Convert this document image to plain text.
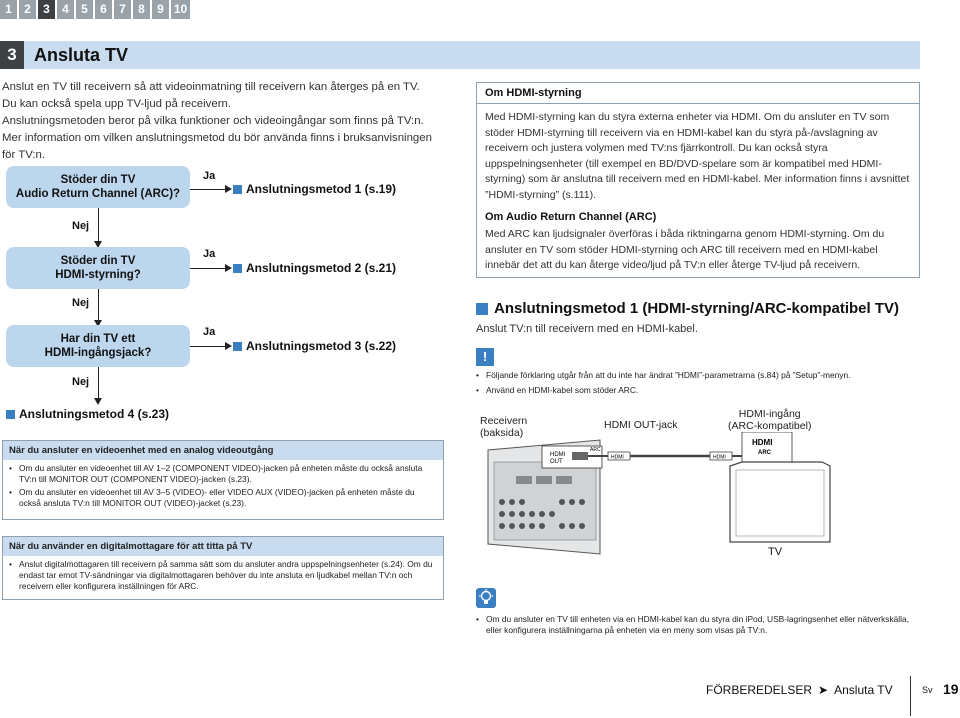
1	2	3	4	5	6	7	8	9 10
3 Ansluta TV
Anslut en TV till receivern så att videoinmatning till receivern kan återges på en TV.
Du kan också spela upp TV-ljud på receivern.
Anslutningsmetoden beror på vilka funktioner och videoingångar som finns på TV:n.
Mer information om vilken anslutningsmetod du bör använda finns i bruksanvisningen för TV:n.
Stöder din TV
Audio Return Channel (ARC)?
Ja
Anslutningsmetod 1 (s.19)
Nej
Stöder din TV
HDMI-styrning?
Ja
Anslutningsmetod 2 (s.21)
Nej
Har din TV ett
HDMI-ingångsjack?
Ja
Anslutningsmetod 3 (s.22)
Nej
Anslutningsmetod 4 (s.23)
När du ansluter en videoenhet med en analog videoutgång
• Om du ansluter en videoenhet till AV 1–2 (COMPONENT VIDEO)-jacken på enheten måste du också ansluta TV:n till MONITOR OUT (COMPONENT VIDEO)-jacken (s.23).
• Om du ansluter en videoenhet till AV 3–5 (VIDEO)- eller VIDEO AUX (VIDEO)-jacken på enheten måste du också ansluta TV:n till MONITOR OUT (VIDEO)-jacket (s.23).
När du använder en digitalmottagare för att titta på TV
• Anslut digitalmottagaren till receivern på samma sätt som du ansluter andra uppspelningsenheter (s.24). Om du endast tar emot TV-sändningar via digitalmottagaren behöver du inte ansluta en ljudkabel mellan TV:n och receivern eller konfigurera inställningen för ARC.
Om HDMI-styrning

Med HDMI-styrning kan du styra externa enheter via HDMI. Om du ansluter en TV som stöder HDMI-styrning till receivern via en HDMI-kabel kan du styra på-/avslagning av receivern och justera volymen med TV:ns fjärrkontroll. Du kan också styra uppspelningsenheter (till exempel en BD/DVD-spelare som är kompatibel med HDMI-styrning) som är anslutna till receivern med en HDMI-kabel. Mer information finns i avsnittet ”HDMI-styrning” (s.111).

Om Audio Return Channel (ARC)

Med ARC kan ljudsignaler överföras i båda riktningarna genom HDMI-styrning. Om du ansluter en TV som stöder HDMI-styrning och ARC till receivern med en HDMI-kabel innebär det att du kan återge video/ljud på TV:n eller återge TV-ljud på receivern.

Anslutningsmetod 1 (HDMI-styrning/ARC-kompatibel TV)
Anslut TV:n till receivern med en HDMI-kabel.
!
• Följande förklaring utgår från att du inte har ändrat ”HDMI”-parametrarna (s.84) på ”Setup”-menyn.
• Använd en HDMI-kabel som stöder ARC.
Receivern
(baksida)
HDMI OUT-jack
HDMI-ingång
(ARC-kompatibel)
HDMI
OUT
ARC
HDMI	HDMI
HDMI
ARC
TV
• Om du ansluter en TV till enheten via en HDMI-kabel kan du styra din iPod, USB-lagringsenhet eller nätverkskälla, eller konfigurera inställningarna på enheten via en meny som visas på TV:n.
FÖRBEREDELSER ➤ Ansluta TV	Sv 19
